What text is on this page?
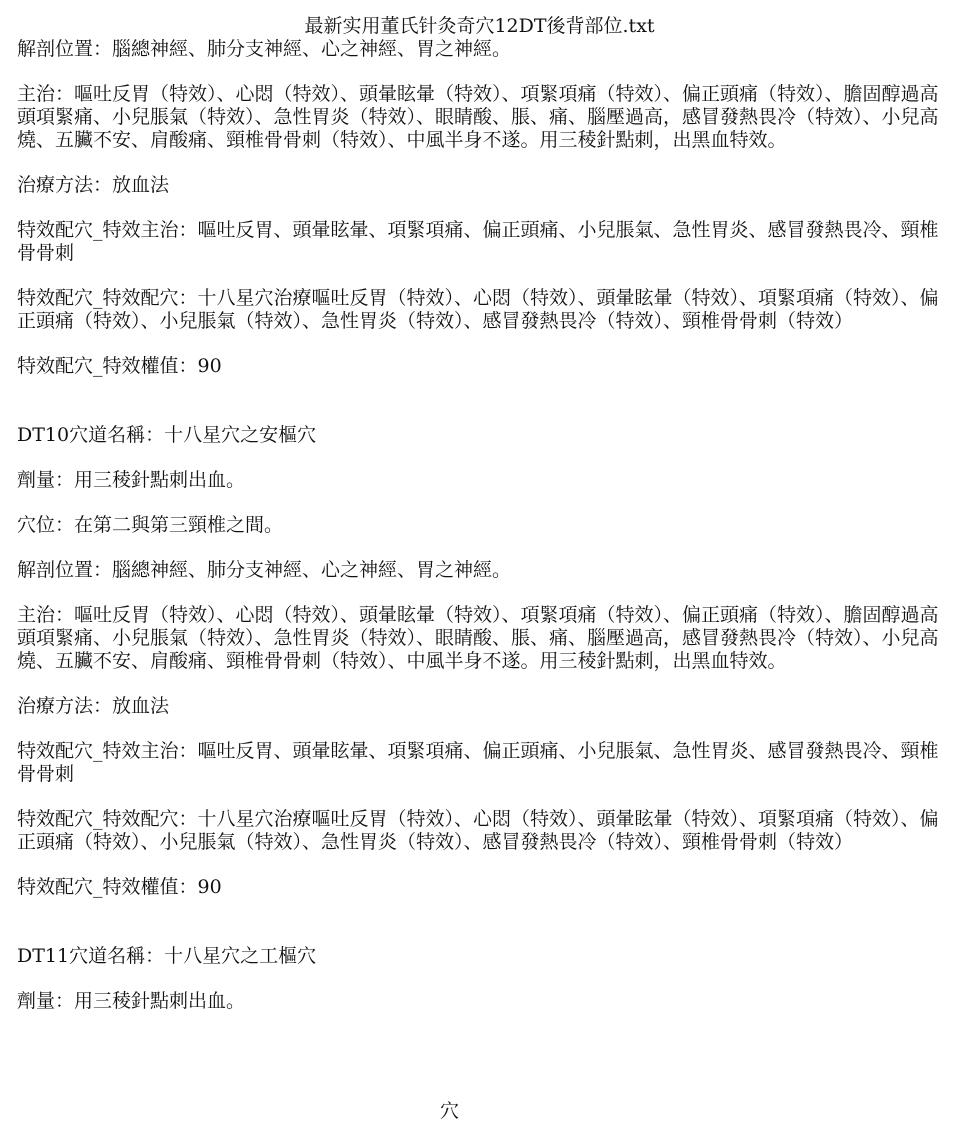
最新实用董氏针灸奇穴12DT後背部位.txt

解剖位置：腦總神經、肺分支神經、心之神經、胃之神經。

主治：嘔吐反胃（特效）、心悶（特效）、頭暈眩暈（特效）、項緊項痛（特效）、偏正頭痛（特效）、膽固醇過高頭項緊痛、小兒脹氣（特效）、急性胃炎（特效）、眼睛酸、脹、痛、腦壓過高，感冒發熱畏冷（特效）、小兒高燒、五臟不安、肩酸痛、頸椎骨骨刺（特效）、中風半身不遂。用三稜針點刺，出黑血特效。

治療方法：放血法

特效配穴_特效主治：嘔吐反胃、頭暈眩暈、項緊項痛、偏正頭痛、小兒脹氣、急性胃炎、感冒發熱畏冷、頸椎骨骨刺

特效配穴_特效配穴：十八星穴治療嘔吐反胃（特效）、心悶（特效）、頭暈眩暈（特效）、項緊項痛（特效）、偏正頭痛（特效）、小兒脹氣（特效）、急性胃炎（特效）、感冒發熱畏冷（特效）、頸椎骨骨刺（特效）

特效配穴_特效權值：90

DT10穴道名稱：十八星穴之安樞穴

劑量：用三稜針點刺出血。

穴位：在第二與第三頸椎之間。

解剖位置：腦總神經、肺分支神經、心之神經、胃之神經。

主治：嘔吐反胃（特效）、心悶（特效）、頭暈眩暈（特效）、項緊項痛（特效）、偏正頭痛（特效）、膽固醇過高頭項緊痛、小兒脹氣（特效）、急性胃炎（特效）、眼睛酸、脹、痛、腦壓過高，感冒發熱畏冷（特效）、小兒高燒、五臟不安、肩酸痛、頸椎骨骨刺（特效）、中風半身不遂。用三稜針點刺，出黑血特效。

治療方法：放血法

特效配穴_特效主治：嘔吐反胃、頭暈眩暈、項緊項痛、偏正頭痛、小兒脹氣、急性胃炎、感冒發熱畏冷、頸椎骨骨刺

特效配穴_特效配穴：十八星穴治療嘔吐反胃（特效）、心悶（特效）、頭暈眩暈（特效）、項緊項痛（特效）、偏正頭痛（特效）、小兒脹氣（特效）、急性胃炎（特效）、感冒發熱畏冷（特效）、頸椎骨骨刺（特效）

特效配穴_特效權值：90

DT11穴道名稱：十八星穴之工樞穴

劑量：用三稜針點刺出血。

穴
